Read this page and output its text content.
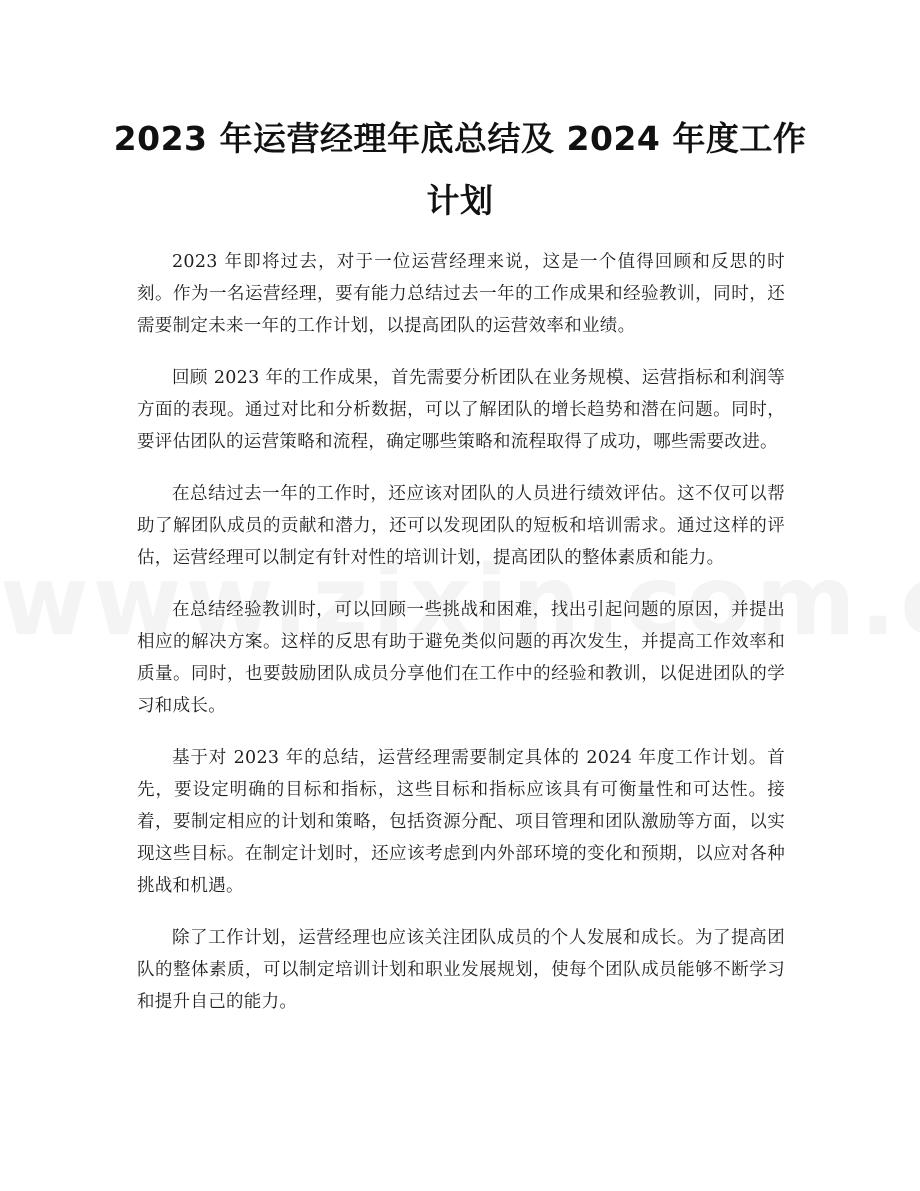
2023 年运营经理年底总结及 2024 年度工作计划

2023 年即将过去，对于一位运营经理来说，这是一个值得回顾和反思的时刻。作为一名运营经理，要有能力总结过去一年的工作成果和经验教训，同时，还需要制定未来一年的工作计划，以提高团队的运营效率和业绩。

回顾 2023 年的工作成果，首先需要分析团队在业务规模、运营指标和利润等方面的表现。通过对比和分析数据，可以了解团队的增长趋势和潜在问题。同时，要评估团队的运营策略和流程，确定哪些策略和流程取得了成功，哪些需要改进。

在总结过去一年的工作时，还应该对团队的人员进行绩效评估。这不仅可以帮助了解团队成员的贡献和潜力，还可以发现团队的短板和培训需求。通过这样的评估，运营经理可以制定有针对性的培训计划，提高团队的整体素质和能力。

在总结经验教训时，可以回顾一些挑战和困难，找出引起问题的原因，并提出相应的解决方案。这样的反思有助于避免类似问题的再次发生，并提高工作效率和质量。同时，也要鼓励团队成员分享他们在工作中的经验和教训，以促进团队的学习和成长。

基于对 2023 年的总结，运营经理需要制定具体的 2024 年度工作计划。首先，要设定明确的目标和指标，这些目标和指标应该具有可衡量性和可达性。接着，要制定相应的计划和策略，包括资源分配、项目管理和团队激励等方面，以实现这些目标。在制定计划时，还应该考虑到内外部环境的变化和预期，以应对各种挑战和机遇。

除了工作计划，运营经理也应该关注团队成员的个人发展和成长。为了提高团队的整体素质，可以制定培训计划和职业发展规划，使每个团队成员能够不断学习和提升自己的能力。
